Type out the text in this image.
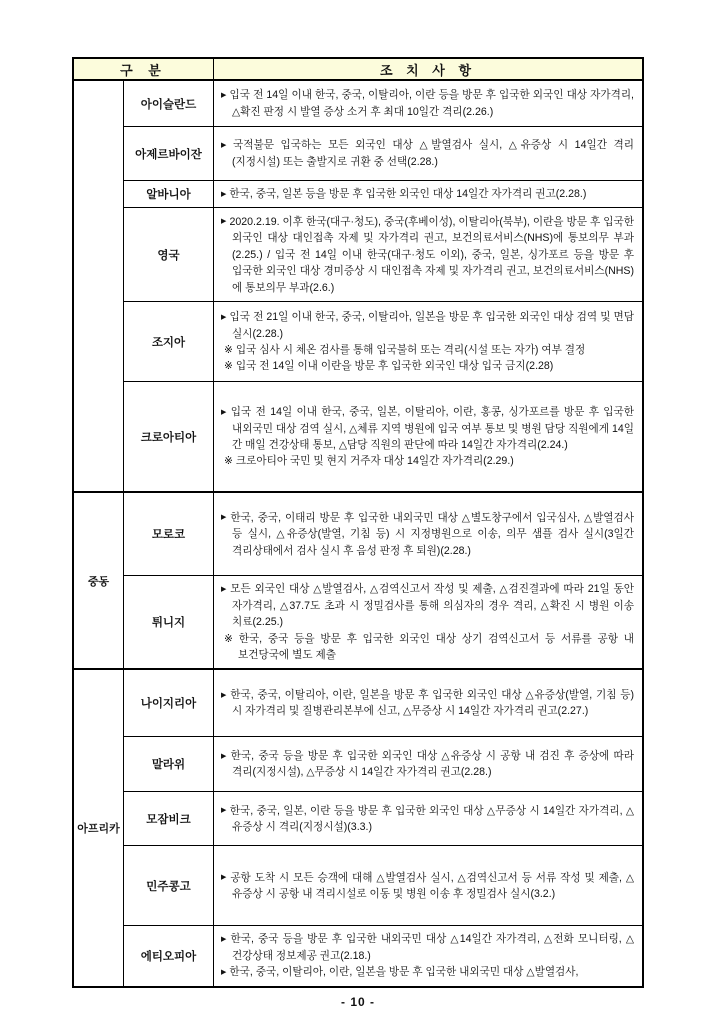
구 분	조 치 사 항
아이슬란드
▶ 입국 전 14일 이내 한국, 중국, 이탈리아, 이란 등을 방문 후 입국한 외국인 대상 자가격리, △확진 판정 시 발열 증상 소거 후 최대 10일간 격리(2.26.)
아제르바이잔
▶ 국적불문 입국하는 모든 외국인 대상 △발열검사 실시, △유증상 시 14일간 격리(지정시설) 또는 출발지로 귀환 중 선택(2.28.)
알바니아	▶ 한국, 중국, 일본 등을 방문 후 입국한 외국인 대상 14일간 자가격리 권고(2.28.)
영국
▶ 2020.2.19. 이후 한국(대구·청도), 중국(후베이성), 이탈리아(북부), 이란을 방문 후 입국한 외국인 대상 대인접촉 자제 및 자가격리 권고, 보건의료서비스(NHS)에 통보의무 부과(2.25.) / 입국 전 14일 이내 한국(대구·청도 이외), 중국, 일본, 싱가포르 등을 방문 후 입국한 외국인 대상 경미증상 시 대인접촉 자제 및 자가격리 권고, 보건의료서비스(NHS)에 통보의무 부과(2.6.)
조지아
▶ 입국 전 21일 이내 한국, 중국, 이탈리아, 일본을 방문 후 입국한 외국인 대상 검역 및 면담 실시(2.28.)
※ 입국 심사 시 체온 검사를 통해 입국불허 또는 격리(시설 또는 자가) 여부 결정
※ 입국 전 14일 이내 이란을 방문 후 입국한 외국인 대상 입국 금지(2.28)
크로아티아
▶ 입국 전 14일 이내 한국, 중국, 일본, 이탈리아, 이란, 홍콩, 싱가포르를 방문 후 입국한 내외국민 대상 검역 실시, △체류 지역 병원에 입국 여부 통보 및 병원 담당 직원에게 14일 간 매일 건강상태 통보, △담당 직원의 판단에 따라 14일간 자가격리(2.24.)
※ 크로아티아 국민 및 현지 거주자 대상 14일간 자가격리(2.29.)
중동
모로코
▶ 한국, 중국, 이태리 방문 후 입국한 내외국민 대상 △별도창구에서 입국심사, △발열검사 등 실시, △유증상(발열, 기침 등) 시 지정병원으로 이송, 의무 샘플 검사 실시(3일간 격리상태에서 검사 실시 후 음성 판정 후 퇴원)(2.28.)
튀니지
▶ 모든 외국인 대상 △발열검사, △검역신고서 작성 및 제출, △검진결과에 따라 21일 동안 자가격리, △37.7도 초과 시 정밀검사를 통해 의심자의 경우 격리, △확진 시 병원 이송 치료(2.25.)
※ 한국, 중국 등을 방문 후 입국한 외국인 대상 상기 검역신고서 등 서류를 공항 내 보건당국에 별도 제출
아프리카
나이지리아
▶ 한국, 중국, 이탈리아, 이란, 일본을 방문 후 입국한 외국인 대상 △유증상(발열, 기침 등) 시 자가격리 및 질병관리본부에 신고, △무증상 시 14일간 자가격리 권고(2.27.)
말라위
▶ 한국, 중국 등을 방문 후 입국한 외국인 대상 △유증상 시 공항 내 검진 후 증상에 따라 격리(지정시설), △무증상 시 14일간 자가격리 권고(2.28.)
모잠비크
▶ 한국, 중국, 일본, 이란 등을 방문 후 입국한 외국인 대상 △무증상 시 14일간 자가격리, △유증상 시 격리(지정시설)(3.3.)
민주콩고
▶ 공항 도착 시 모든 승객에 대해 △발열검사 실시, △검역신고서 등 서류 작성 및 제출, △유증상 시 공항 내 격리시설로 이동 및 병원 이송 후 정밀검사 실시(3.2.)
에티오피아
▶ 한국, 중국 등을 방문 후 입국한 내외국민 대상 △14일간 자가격리, △전화 모니터링, △건강상태 정보제공 권고(2.18.)
▶ 한국, 중국, 이탈리아, 이란, 일본을 방문 후 입국한 내외국민 대상 △발열검사,
- 10 -
